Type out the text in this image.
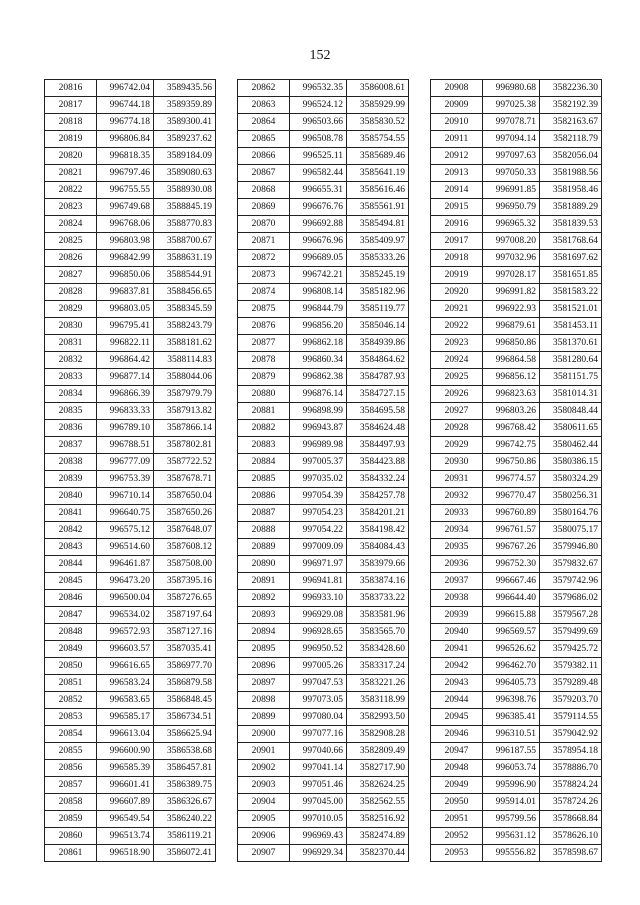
152
20816	996742.04	3589435.56
20817	996744.18	3589359.89
20818	996774.18	3589300.41
20819	996806.84	3589237.62
20820	996818.35	3589184.09
20821	996797.46	3589080.63
20822	996755.55	3588930.08
20823	996749.68	3588845.19
20824	996768.06	3588770.83
20825	996803.98	3588700.67
20826	996842.99	3588631.19
20827	996850.06	3588544.91
20828	996837.81	3588456.65
20829	996803.05	3588345.59
20830	996795.41	3588243.79
20831	996822.11	3588181.62
20832	996864.42	3588114.83
20833	996877.14	3588044.06
20834	996866.39	3587979.79
20835	996833.33	3587913.82
20836	996789.10	3587866.14
20837	996788.51	3587802.81
20838	996777.09	3587722.52
20839	996753.39	3587678.71
20840	996710.14	3587650.04
20841	996640.75	3587650.26
20842	996575.12	3587648.07
20843	996514.60	3587608.12
20844	996461.87	3587508.00
20845	996473.20	3587395.16
20846	996500.04	3587276.65
20847	996534.02	3587197.64
20848	996572.93	3587127.16
20849	996603.57	3587035.41
20850	996616.65	3586977.70
20851	996583.24	3586879.58
20852	996583.65	3586848.45
20853	996585.17	3586734.51
20854	996613.04	3586625.94
20855	996600.90	3586538.68
20856	996585.39	3586457.81
20857	996601.41	3586389.75
20858	996607.89	3586326.67
20859	996549.54	3586240.22
20860	996513.74	3586119.21
20861	996518.90	3586072.41
20862	996532.35	3586008.61
20863	996524.12	3585929.99
20864	996503.66	3585830.52
20865	996508.78	3585754.55
20866	996525.11	3585689.46
20867	996582.44	3585641.19
20868	996655.31	3585616.46
20869	996676.76	3585561.91
20870	996692.88	3585494.81
20871	996676.96	3585409.97
20872	996689.05	3585333.26
20873	996742.21	3585245.19
20874	996808.14	3585182.96
20875	996844.79	3585119.77
20876	996856.20	3585046.14
20877	996862.18	3584939.86
20878	996860.34	3584864.62
20879	996862.38	3584787.93
20880	996876.14	3584727.15
20881	996898.99	3584695.58
20882	996943.87	3584624.48
20883	996989.98	3584497.93
20884	997005.37	3584423.88
20885	997035.02	3584332.24
20886	997054.39	3584257.78
20887	997054.23	3584201.21
20888	997054.22	3584198.42
20889	997009.09	3584084.43
20890	996971.97	3583979.66
20891	996941.81	3583874.16
20892	996933.10	3583733.22
20893	996929.08	3583581.96
20894	996928.65	3583565.70
20895	996950.52	3583428.60
20896	997005.26	3583317.24
20897	997047.53	3583221.26
20898	997073.05	3583118.99
20899	997080.04	3582993.50
20900	997077.16	3582908.28
20901	997040.66	3582809.49
20902	997041.14	3582717.90
20903	997051.46	3582624.25
20904	997045.00	3582562.55
20905	997010.05	3582516.92
20906	996969.43	3582474.89
20907	996929.34	3582370.44
20908	996980.68	3582236.30
20909	997025.38	3582192.39
20910	997078.71	3582163.67
20911	997094.14	3582118.79
20912	997097.63	3582056.04
20913	997050.33	3581988.56
20914	996991.85	3581958.46
20915	996950.79	3581889.29
20916	996965.32	3581839.53
20917	997008.20	3581768.64
20918	997032.96	3581697.62
20919	997028.17	3581651.85
20920	996991.82	3581583.22
20921	996922.93	3581521.01
20922	996879.61	3581453.11
20923	996850.86	3581370.61
20924	996864.58	3581280.64
20925	996856.12	3581151.75
20926	996823.63	3581014.31
20927	996803.26	3580848.44
20928	996768.42	3580611.65
20929	996742.75	3580462.44
20930	996750.86	3580386.15
20931	996774.57	3580324.29
20932	996770.47	3580256.31
20933	996760.89	3580164.76
20934	996761.57	3580075.17
20935	996767.26	3579946.80
20936	996752.30	3579832.67
20937	996667.46	3579742.96
20938	996644.40	3579686.02
20939	996615.88	3579567.28
20940	996569.57	3579499.69
20941	996526.62	3579425.72
20942	996462.70	3579382.11
20943	996405.73	3579289.48
20944	996398.76	3579203.70
20945	996385.41	3579114.55
20946	996310.51	3579042.92
20947	996187.55	3578954.18
20948	996053.74	3578886.70
20949	995996.90	3578824.24
20950	995914.01	3578724.26
20951	995799.56	3578668.84
20952	995631.12	3578626.10
20953	995556.82	3578598.67
